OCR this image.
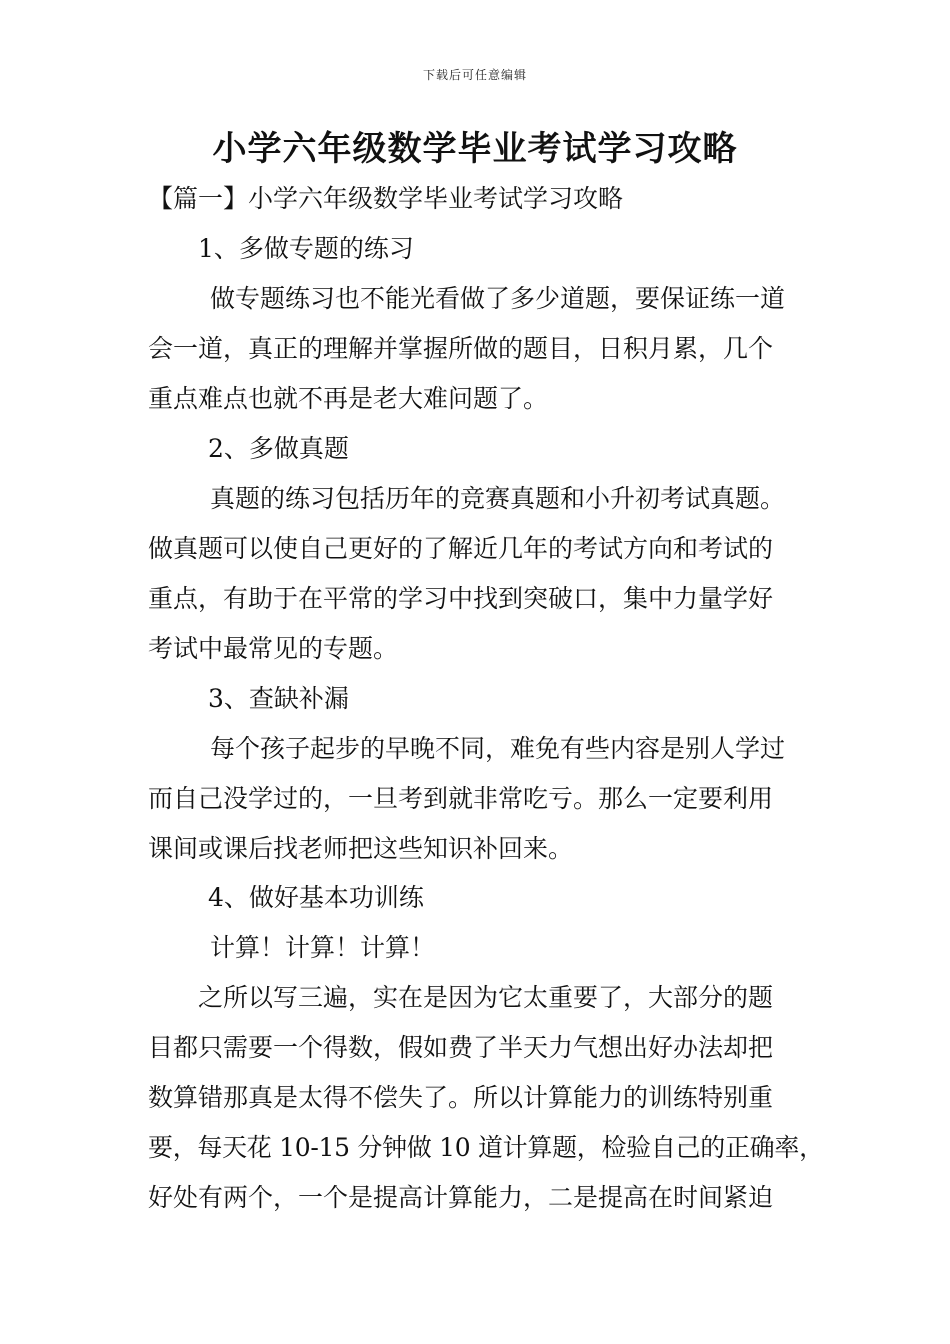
下载后可任意编辑
小学六年级数学毕业考试学习攻略

【篇一】小学六年级数学毕业考试学习攻略

1、多做专题的练习

做专题练习也不能光看做了多少道题，要保证练一道

会一道，真正的理解并掌握所做的题目，日积月累，几个

重点难点也就不再是老大难问题了。

2、多做真题

真题的练习包括历年的竞赛真题和小升初考试真题。

做真题可以使自己更好的了解近几年的考试方向和考试的

重点，有助于在平常的学习中找到突破口，集中力量学好

考试中最常见的专题。

3、查缺补漏

每个孩子起步的早晚不同，难免有些内容是别人学过

而自己没学过的，一旦考到就非常吃亏。那么一定要利用

课间或课后找老师把这些知识补回来。

4、做好基本功训练

计算！计算！计算！

之所以写三遍，实在是因为它太重要了，大部分的题

目都只需要一个得数，假如费了半天力气想出好办法却把

数算错那真是太得不偿失了。所以计算能力的训练特别重

要，每天花 10-15 分钟做 10 道计算题，检验自己的正确率，

好处有两个，一个是提高计算能力，二是提高在时间紧迫
